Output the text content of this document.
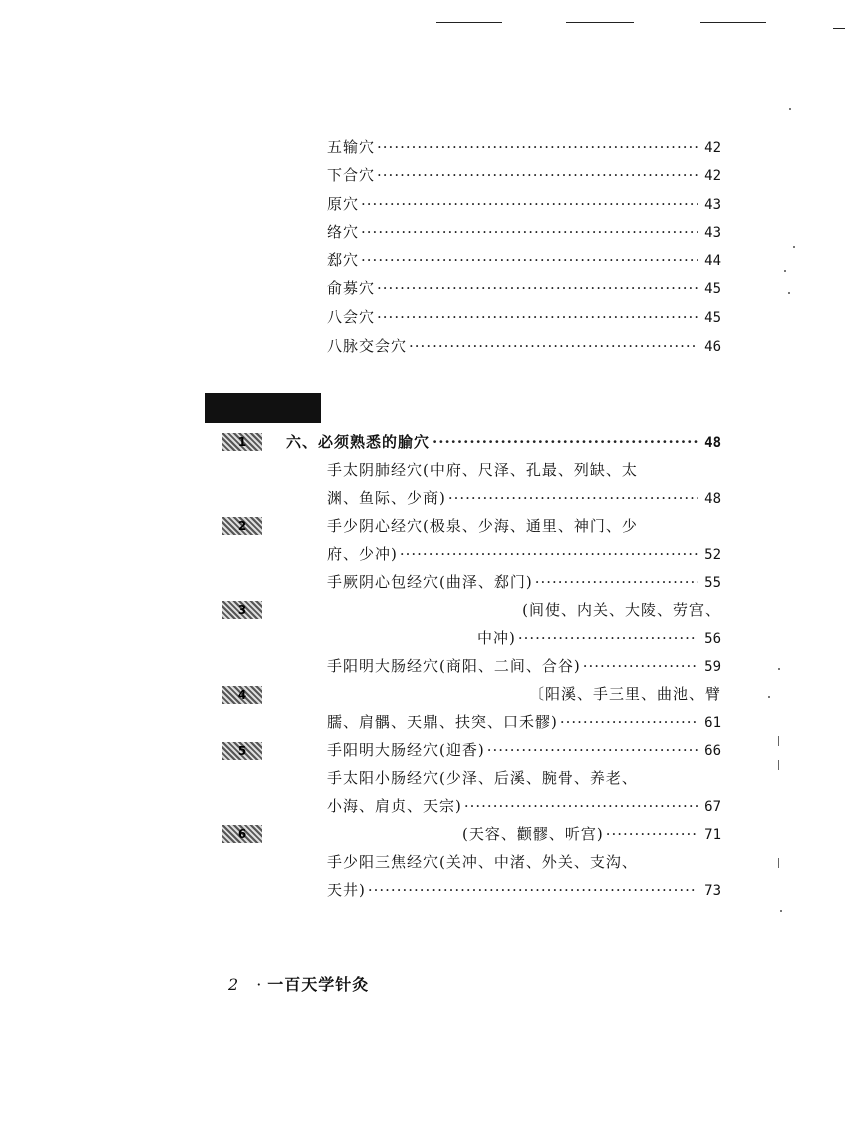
五输穴 ·····	42
下合穴 ·····	42
原穴 ·····	43
络穴 ·····	43
郄穴 ·····	44
俞募穴 ·····	45
八会穴 ·····	45
八脉交会穴 ·····	46
1
2
3
4
5
6
六、必须熟悉的腧穴 ·····	48
手太阴肺经穴(中府、尺泽、孔最、列缺、太
渊、鱼际、少商) ·····	48
手少阴心经穴(极泉、少海、通里、神门、少
府、少冲) ·····	52
手厥阴心包经穴(曲泽、郄门) ·····	55
(间使、内关、大陵、劳宫、
中冲) ·····	56
手阳明大肠经穴(商阳、二间、合谷) ·····	59
〔阳溪、手三里、曲池、臂
臑、肩髃、天鼎、扶突、口禾髎) ·····	61
手阳明大肠经穴(迎香) ·····	66
手太阳小肠经穴(少泽、后溪、腕骨、养老、
小海、肩贞、天宗) ·····	67
(天容、颧髎、听宫) ·····	71
手少阳三焦经穴(关冲、中渚、外关、支沟、
天井) ·····	73
2 · 一百天学针灸
